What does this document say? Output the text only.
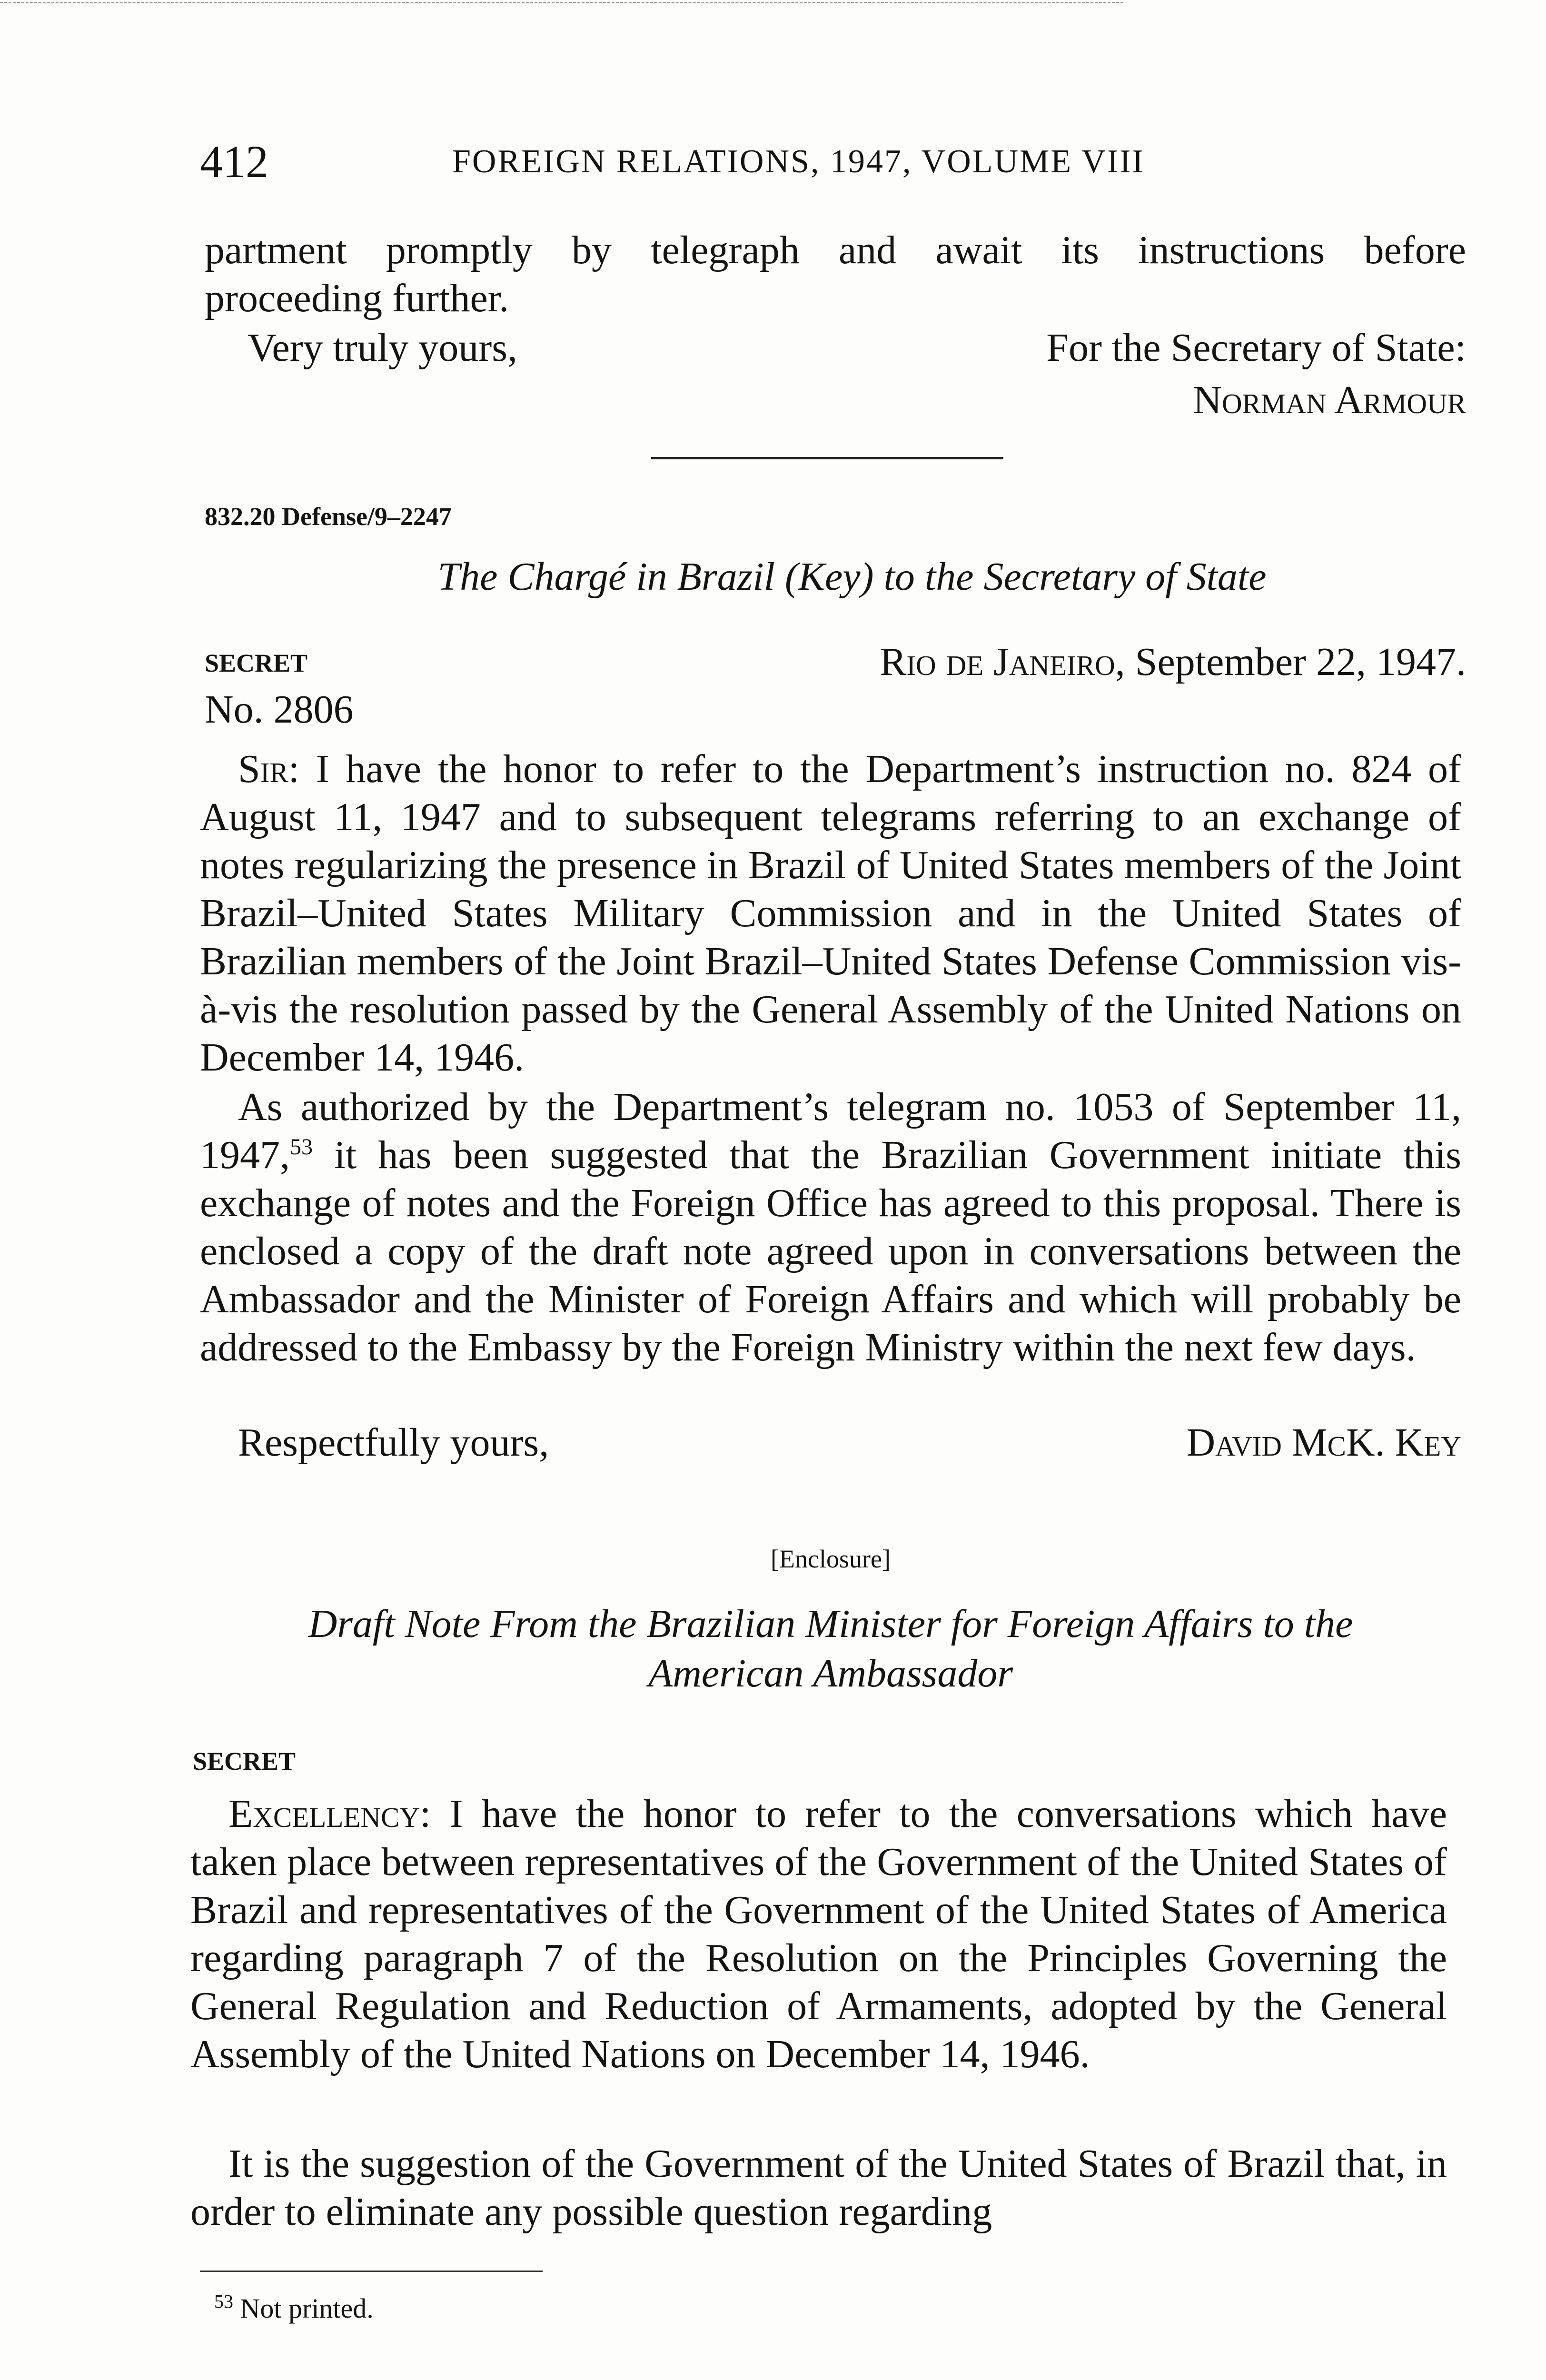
412	FOREIGN RELATIONS, 1947, VOLUME VIII
partment promptly by telegraph and await its instructions before
proceeding further.
Very truly yours,	For the Secretary of State:
Norman Armour
832.20 Defense/9–2247
The Chargé in Brazil (Key) to the Secretary of State
SECRET	Rio de Janeiro, September 22, 1947.
No. 2806
Sir: I have the honor to refer to the Department’s instruction no. 824 of August 11, 1947 and to subsequent telegrams referring to an exchange of notes regularizing the presence in Brazil of United States members of the Joint Brazil–United States Military Commission and in the United States of Brazilian members of the Joint Brazil–United States Defense Commission vis-à-vis the resolution passed by the General Assembly of the United Nations on December 14, 1946.
As authorized by the Department’s telegram no. 1053 of September 11, 1947,53 it has been suggested that the Brazilian Government initiate this exchange of notes and the Foreign Office has agreed to this proposal. There is enclosed a copy of the draft note agreed upon in conversations between the Ambassador and the Minister of Foreign Affairs and which will probably be addressed to the Embassy by the Foreign Ministry within the next few days.
Respectfully yours,	David McK. Key
[Enclosure]
Draft Note From the Brazilian Minister for Foreign Affairs to the
American Ambassador
SECRET
Excellency: I have the honor to refer to the conversations which have taken place between representatives of the Government of the United States of Brazil and representatives of the Government of the United States of America regarding paragraph 7 of the Resolution on the Principles Governing the General Regulation and Reduction of Armaments, adopted by the General Assembly of the United Nations on December 14, 1946.
It is the suggestion of the Government of the United States of Brazil that, in order to eliminate any possible question regarding
$^{53}$ Not printed.
